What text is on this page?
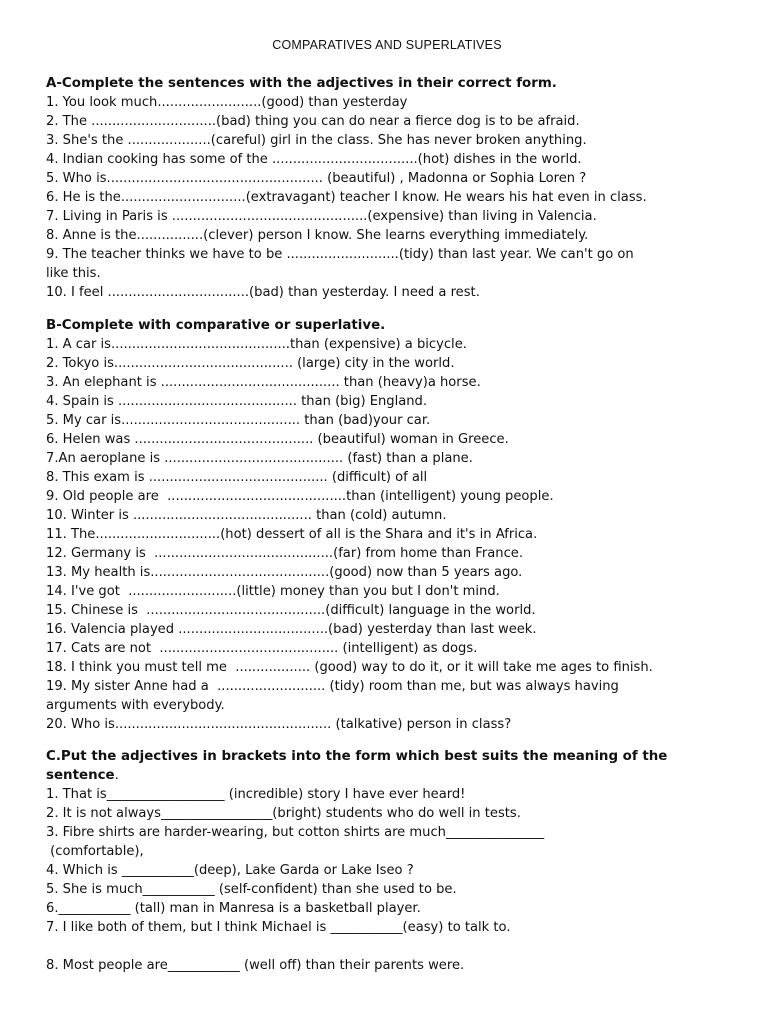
COMPARATIVES AND SUPERLATIVES

A-Complete the sentences with the adjectives in their correct form.

1. You look much.........................(good) than yesterday

2. The ..............................(bad) thing you can do near a fierce dog is to be afraid.

3. She's the ....................(careful) girl in the class. She has never broken anything.

4. Indian cooking has some of the ...................................(hot) dishes in the world.

5. Who is.................................................... (beautiful) , Madonna or Sophia Loren ?

6. He is the..............................(extravagant) teacher I know. He wears his hat even in class.

7. Living in Paris is ...............................................(expensive) than living in Valencia.

8. Anne is the................(clever) person I know. She learns everything immediately.

9. The teacher thinks we have to be ...........................(tidy) than last year. We can't go on

like this.

10. I feel ..................................(bad) than yesterday. I need a rest.

B-Complete with comparative or superlative.

1. A car is...........................................than (expensive) a bicycle.

2. Tokyo is........................................... (large) city in the world.

3. An elephant is ........................................... than (heavy)a horse.

4. Spain is ........................................... than (big) England.

5. My car is........................................... than (bad)your car.

6. Helen was ........................................... (beautiful) woman in Greece.

7.An aeroplane is ........................................... (fast) than a plane.

8. This exam is ........................................... (difficult) of all

9. Old people are  ...........................................than (intelligent) young people.

10. Winter is ........................................... than (cold) autumn.

11. The..............................(hot) dessert of all is the Shara and it's in Africa.

12. Germany is  ...........................................(far) from home than France.

13. My health is...........................................(good) now than 5 years ago.

14. I've got  ..........................(little) money than you but I don't mind.

15. Chinese is  ...........................................(difficult) language in the world.

16. Valencia played ....................................(bad) yesterday than last week.

17. Cats are not  ........................................... (intelligent) as dogs.

18. I think you must tell me  .................. (good) way to do it, or it will take me ages to finish.

19. My sister Anne had a  .......................... (tidy) room than me, but was always having

arguments with everybody.

20. Who is.................................................... (talkative) person in class?

C.Put the adjectives in brackets into the form which best suits the meaning of the

sentence.

1. That is__________________ (incredible) story I have ever heard!

2. It is not always_________________(bright) students who do well in tests.

3. Fibre shirts are harder-wearing, but cotton shirts are much_______________

(comfortable),

4. Which is ___________(deep), Lake Garda or Lake Iseo ?

5. She is much___________ (self-confident) than she used to be.

6.___________ (tall) man in Manresa is a basketball player.

7. I like both of them, but I think Michael is ___________(easy) to talk to.

8. Most people are___________ (well off) than their parents were.
